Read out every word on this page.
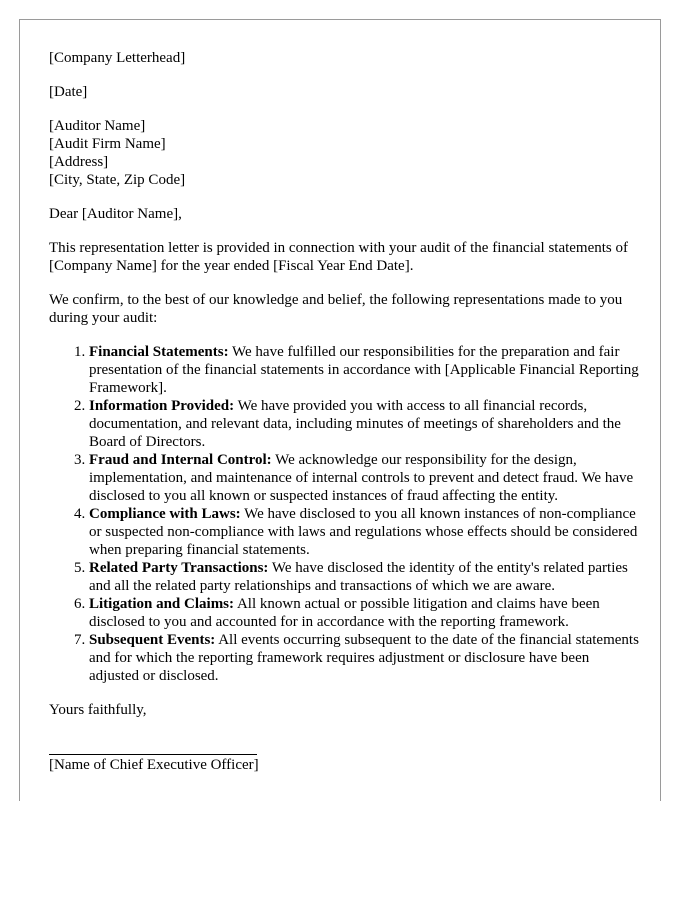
[Company Letterhead]

[Date]

[Auditor Name]
[Audit Firm Name]
[Address]
[City, State, Zip Code]

Dear [Auditor Name],

This representation letter is provided in connection with your audit of the financial statements of [Company Name] for the year ended [Fiscal Year End Date].

We confirm, to the best of our knowledge and belief, the following representations made to you during your audit:

1. Financial Statements: We have fulfilled our responsibilities for the preparation and fair presentation of the financial statements in accordance with [Applicable Financial Reporting Framework].
2. Information Provided: We have provided you with access to all financial records, documentation, and relevant data, including minutes of meetings of shareholders and the Board of Directors.
3. Fraud and Internal Control: We acknowledge our responsibility for the design, implementation, and maintenance of internal controls to prevent and detect fraud. We have disclosed to you all known or suspected instances of fraud affecting the entity.
4. Compliance with Laws: We have disclosed to you all known instances of non-compliance or suspected non-compliance with laws and regulations whose effects should be considered when preparing financial statements.
5. Related Party Transactions: We have disclosed the identity of the entity's related parties and all the related party relationships and transactions of which we are aware.
6. Litigation and Claims: All known actual or possible litigation and claims have been disclosed to you and accounted for in accordance with the reporting framework.
7. Subsequent Events: All events occurring subsequent to the date of the financial statements and for which the reporting framework requires adjustment or disclosure have been adjusted or disclosed.

Yours faithfully,

[Name of Chief Executive Officer]
